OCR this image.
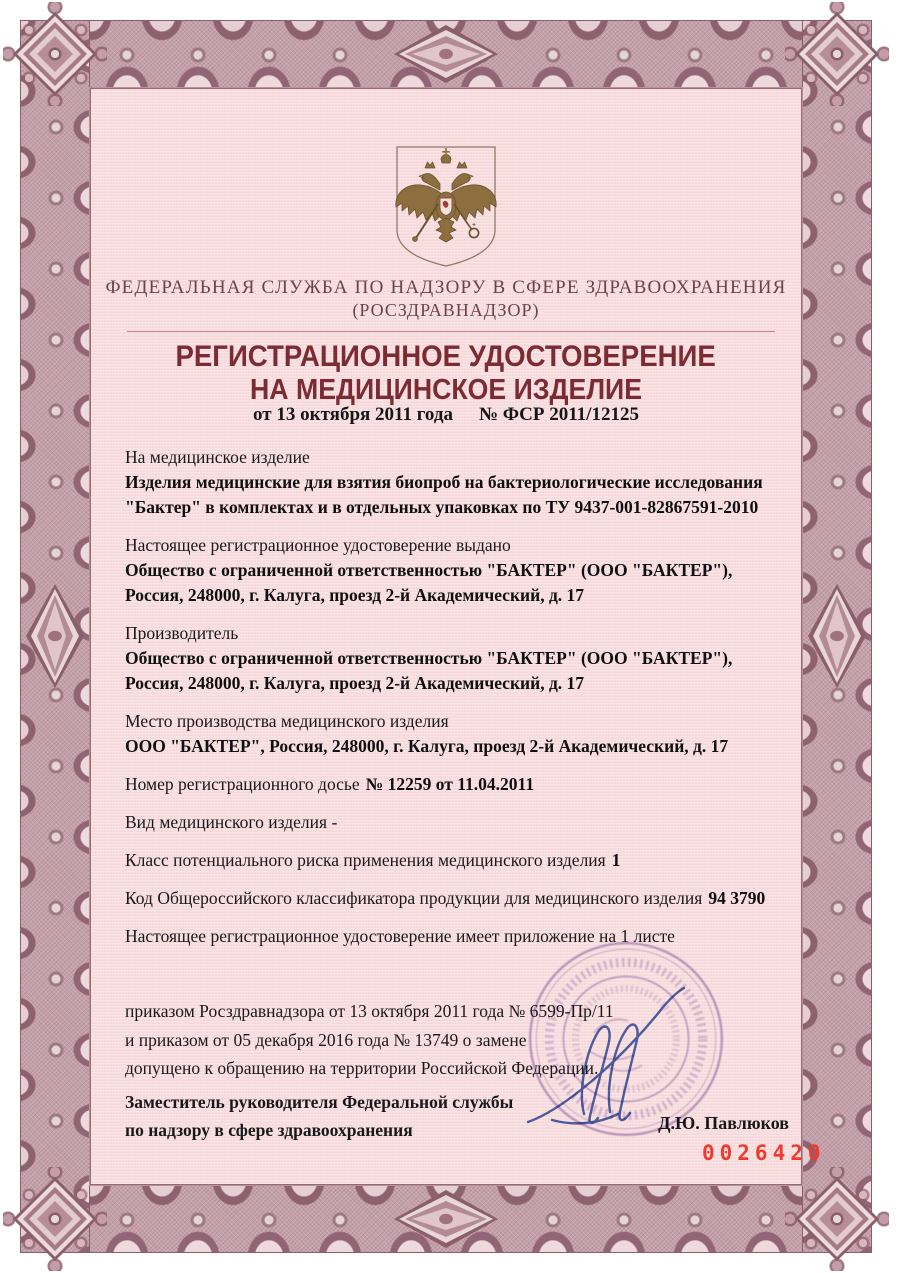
ФЕДЕРАЛЬНАЯ СЛУЖБА ПО НАДЗОРУ В СФЕРЕ ЗДРАВООХРАНЕНИЯ
(РОСЗДРАВНАДЗОР)
РЕГИСТРАЦИОННОЕ УДОСТОВЕРЕНИЕ
НА МЕДИЦИНСКОЕ ИЗДЕЛИЕ

от 13 октября 2011 года № ФСР 2011/12125

На медицинское изделие
Изделия медицинские для взятия биопроб на бактериологические исследования "Бактер" в комплектах и в отдельных упаковках по ТУ 9437-001-82867591-2010

Настоящее регистрационное удостоверение выдано
Общество с ограниченной ответственностью "БАКТЕР" (ООО "БАКТЕР"), Россия, 248000, г. Калуга, проезд 2-й Академический, д. 17

Производитель
Общество с ограниченной ответственностью "БАКТЕР" (ООО "БАКТЕР"), Россия, 248000, г. Калуга, проезд 2-й Академический, д. 17

Место производства медицинского изделия
ООО "БАКТЕР", Россия, 248000, г. Калуга, проезд 2-й Академический, д. 17

Номер регистрационного досье № 12259 от 11.04.2011

Вид медицинского изделия -

Класс потенциального риска применения медицинского изделия 1

Код Общероссийского классификатора продукции для медицинского изделия 94 3790

Настоящее регистрационное удостоверение имеет приложение на 1 листе

приказом Росздравнадзора от 13 октября 2011 года № 6599-Пр/11

и приказом от 05 декабря 2016 года № 13749 о замене

допущено к обращению на территории Российской Федерации.

Заместитель руководителя Федеральной службы
по надзору в сфере здравоохранения	Д.Ю. Павлюков
0026420
